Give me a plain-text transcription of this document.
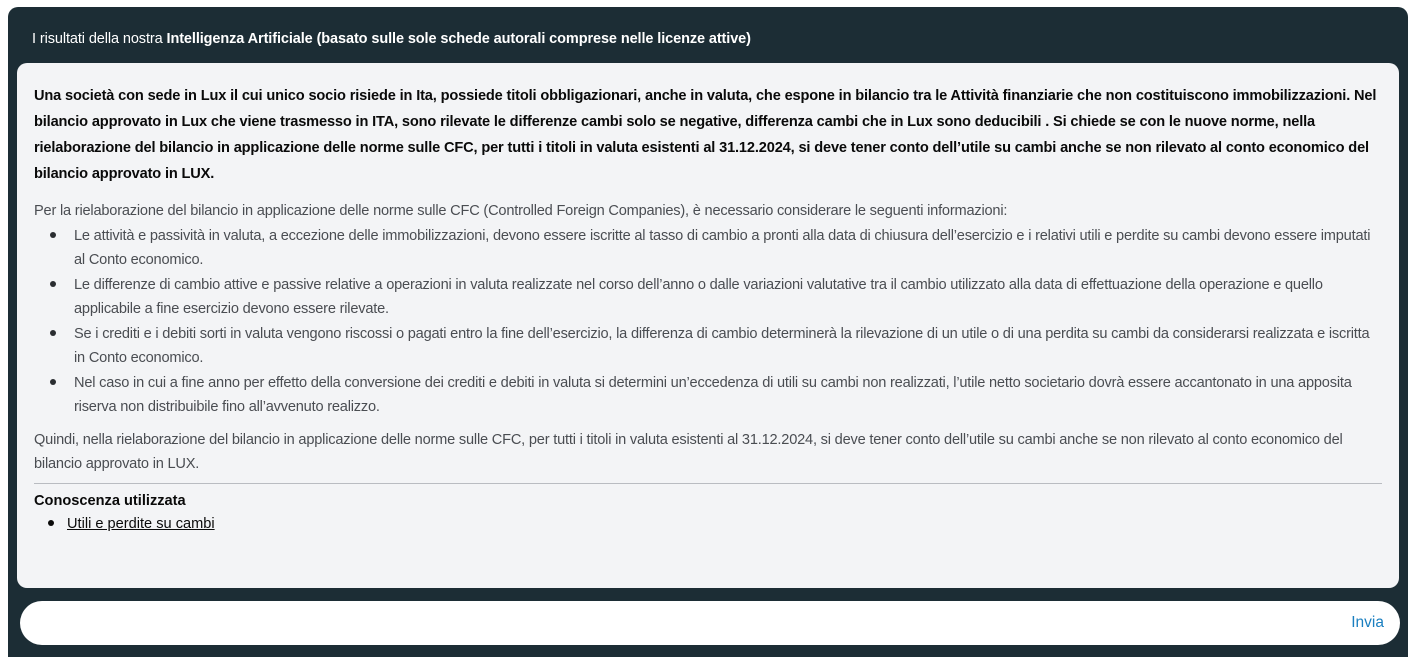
I risultati della nostra Intelligenza Artificiale (basato sulle sole schede autorali comprese nelle licenze attive)

Una società con sede in Lux il cui unico socio risiede in Ita, possiede titoli obbligazionari, anche in valuta, che espone in bilancio tra le Attività finanziarie che non costituiscono immobilizzazioni. Nel bilancio approvato in Lux che viene trasmesso in ITA, sono rilevate le differenze cambi solo se negative, differenza cambi che in Lux sono deducibili . Si chiede se con le nuove norme, nella rielaborazione del bilancio in applicazione delle norme sulle CFC, per tutti i titoli in valuta esistenti al 31.12.2024, si deve tener conto dell’utile su cambi anche se non rilevato al conto economico del bilancio approvato in LUX.

Per la rielaborazione del bilancio in applicazione delle norme sulle CFC (Controlled Foreign Companies), è necessario considerare le seguenti informazioni:

Le attività e passività in valuta, a eccezione delle immobilizzazioni, devono essere iscritte al tasso di cambio a pronti alla data di chiusura dell’esercizio e i relativi utili e perdite su cambi devono essere imputati al Conto economico.
Le differenze di cambio attive e passive relative a operazioni in valuta realizzate nel corso dell’anno o dalle variazioni valutative tra il cambio utilizzato alla data di effettuazione della operazione e quello applicabile a fine esercizio devono essere rilevate.
Se i crediti e i debiti sorti in valuta vengono riscossi o pagati entro la fine dell’esercizio, la differenza di cambio determinerà la rilevazione di un utile o di una perdita su cambi da considerarsi realizzata e iscritta in Conto economico.
Nel caso in cui a fine anno per effetto della conversione dei crediti e debiti in valuta si determini un’eccedenza di utili su cambi non realizzati, l’utile netto societario dovrà essere accantonato in una apposita riserva non distribuibile fino all’avvenuto realizzo.

Quindi, nella rielaborazione del bilancio in applicazione delle norme sulle CFC, per tutti i titoli in valuta esistenti al 31.12.2024, si deve tener conto dell’utile su cambi anche se non rilevato al conto economico del bilancio approvato in LUX.

Conoscenza utilizzata
Utili e perdite su cambi
Invia
